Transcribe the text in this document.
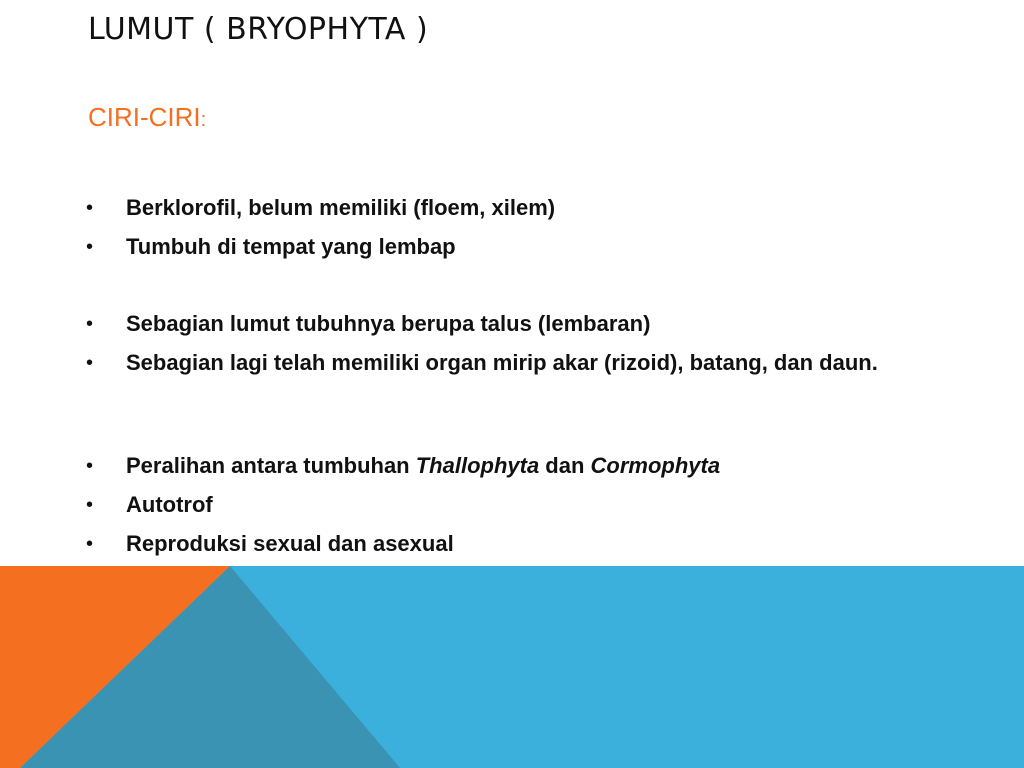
LUMUT ( BRYOPHYTA )
CIRI-CIRI:
• Berklorofil, belum memiliki (floem, xilem)
• Tumbuh di tempat yang lembap
• Sebagian lumut tubuhnya berupa talus (lembaran)
• Sebagian lagi telah memiliki organ mirip akar (rizoid), batang, dan daun.
• Peralihan antara tumbuhan Thallophyta dan Cormophyta
• Autotrof
• Reproduksi sexual dan asexual
